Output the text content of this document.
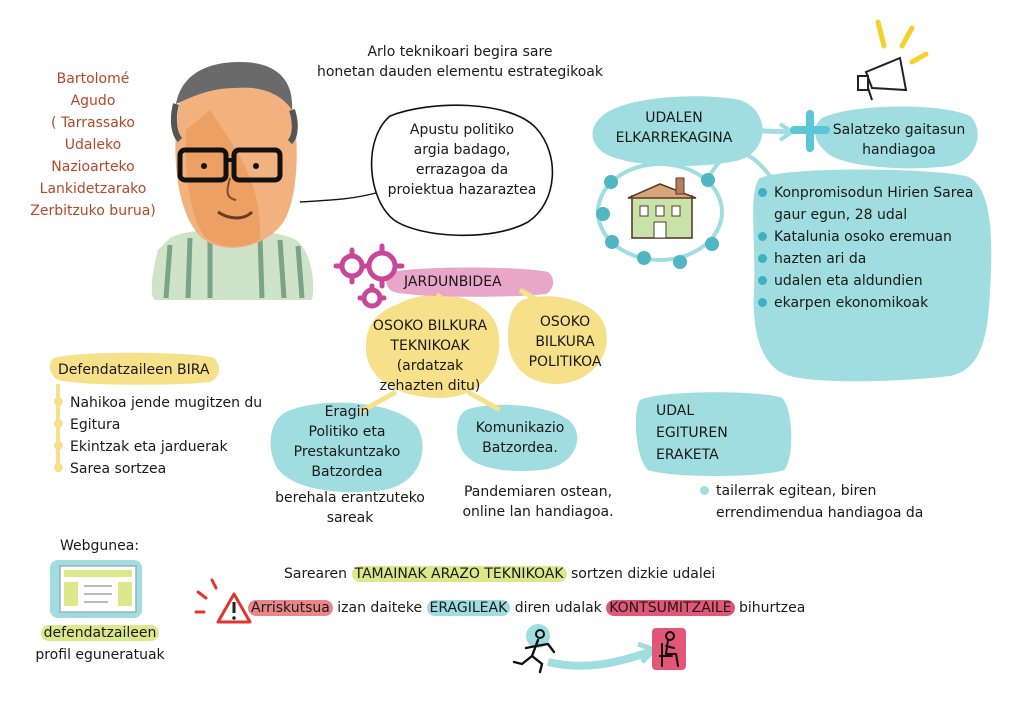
Bartolomé
Agudo
( Tarrassako
Udaleko
Nazioarteko
Lankidetzarako
Zerbitzuko burua)
Arlo teknikoari begira sare
honetan dauden elementu estrategikoak
Apustu politiko
argia badago,
errazagoa da
proiektua hazaraztea
JARDUNBIDEA
OSOKO BILKURA
TEKNIKOAK
(ardatzak
zehazten ditu)
OSOKO
BILKURA
POLITIKOA
Eragin
Politiko eta
Prestakuntzako
Batzordea
berehala erantzuteko
sareak
Komunikazio
Batzordea.
Pandemiaren ostean,
online lan handiagoa.
Defendatzaileen BIRA
Nahikoa jende mugitzen du
Egitura
Ekintzak eta jarduerak
Sarea sortzea
UDALEN
ELKARREKAGINA	Salatzeko gaitasun
handiagoa
Konpromisodun Hirien Sarea
gaur egun, 28 udal
Katalunia osoko eremuan
hazten ari da
udalen eta aldundien
ekarpen ekonomikoak
UDAL
EGITUREN
ERAKETA
tailerrak egitean, biren
errendimendua handiagoa da
Webgunea:
defendatzaileen
profil eguneratuak
Sarearen TAMAINAK ARAZO TEKNIKOAK sortzen dizkie udalei
Arriskutsua izan daiteke ERAGILEAK diren udalak KONTSUMITZAILE bihurtzea
